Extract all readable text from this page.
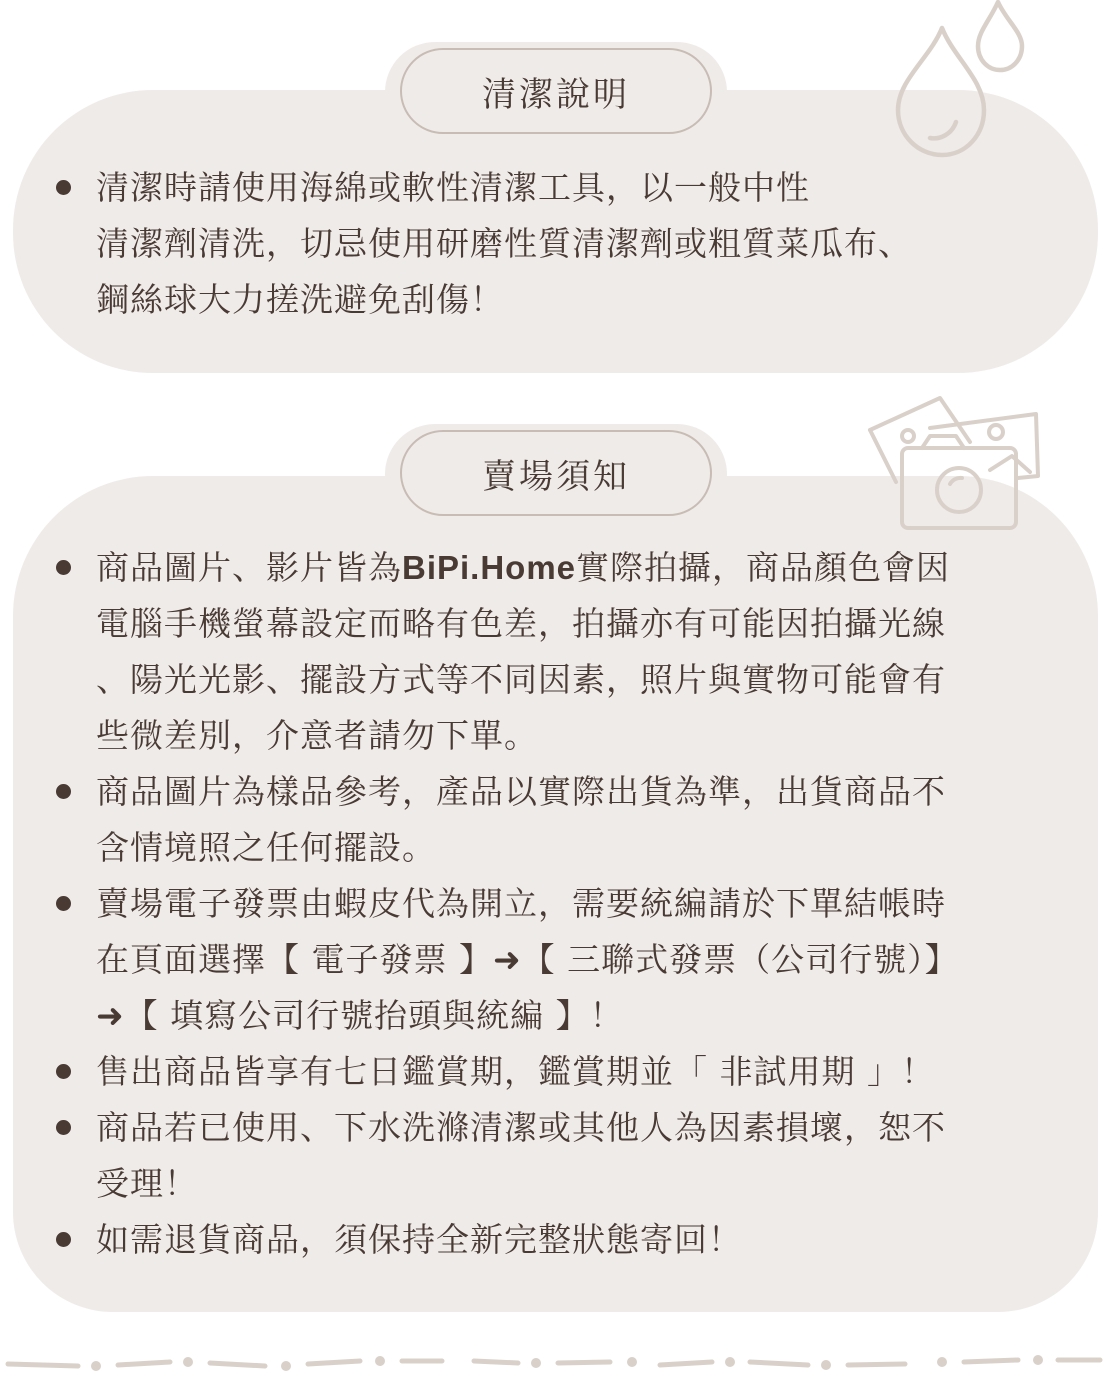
清潔說明
清潔時請使用海綿或軟性清潔工具，以一般中性
清潔劑清洗，切忌使用研磨性質清潔劑或粗質菜瓜布、
鋼絲球大力搓洗避免刮傷！
賣場須知
商品圖片、影片皆為BiPi.Home實際拍攝，商品顏色會因
電腦手機螢幕設定而略有色差，拍攝亦有可能因拍攝光線
、陽光光影、擺設方式等不同因素，照片與實物可能會有
些微差別，介意者請勿下單。
商品圖片為樣品參考，產品以實際出貨為準，出貨商品不
含情境照之任何擺設。
賣場電子發票由蝦皮代為開立，需要統編請於下單結帳時
在頁面選擇【 電子發票 】➜【 三聯式發票（公司行號）】
➜【 填寫公司行號抬頭與統編 】！
售出商品皆享有七日鑑賞期，鑑賞期並「 非試用期 」！
商品若已使用、下水洗滌清潔或其他人為因素損壞，恕不
受理！
如需退貨商品，須保持全新完整狀態寄回！
